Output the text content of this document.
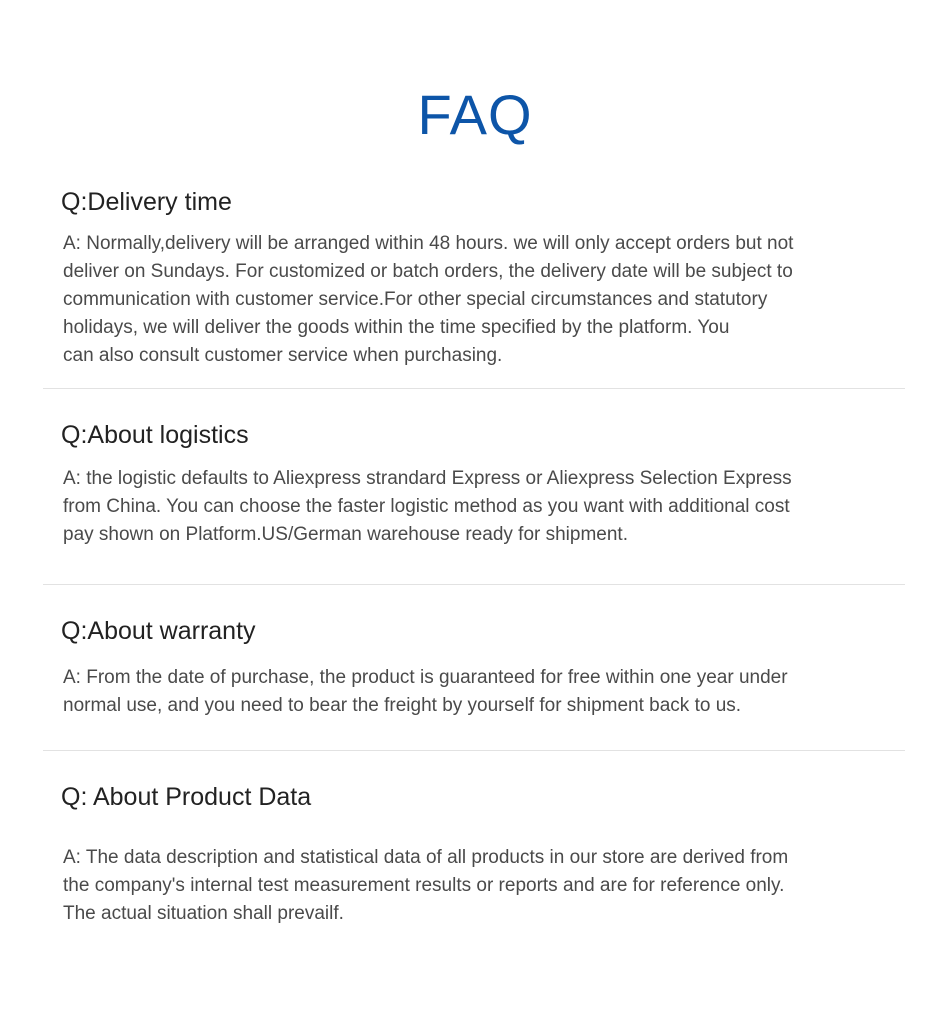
FAQ
Q:Delivery time

A: Normally,delivery will be arranged within 48 hours. we will only accept orders but not
deliver on Sundays. For customized or batch orders, the delivery date will be subject to
communication with customer service.For other special circumstances and statutory
holidays, we will deliver the goods within the time specified by the platform. You
can also consult customer service when purchasing.

Q:About logistics

A: the logistic defaults to Aliexpress strandard Express or Aliexpress Selection Express
from China. You can choose the faster logistic method as you want with additional cost
pay shown on Platform.US/German warehouse ready for shipment.

Q:About warranty

A: From the date of purchase, the product is guaranteed for free within one year under
normal use, and you need to bear the freight by yourself for shipment back to us.

Q: About Product Data

A: The data description and statistical data of all products in our store are derived from
the company's internal test measurement results or reports and are for reference only.
The actual situation shall prevailf.
